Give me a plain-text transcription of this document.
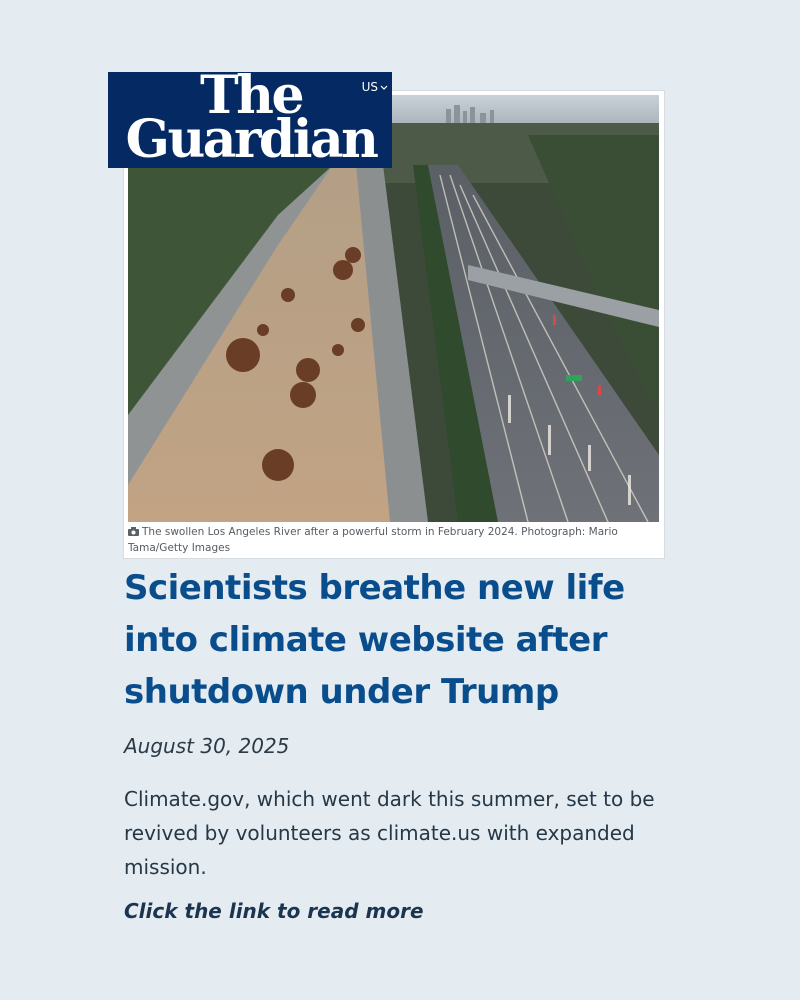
The swollen Los Angeles River after a powerful storm in February 2024. Photograph: Mario Tama/Getty Images
The
Guardian
US
Scientists breathe new life into climate website after shutdown under Trump
August 30, 2025

Climate.gov, which went dark this summer, set to be revived by volunteers as climate.us with expanded mission.

Click the link to read more
